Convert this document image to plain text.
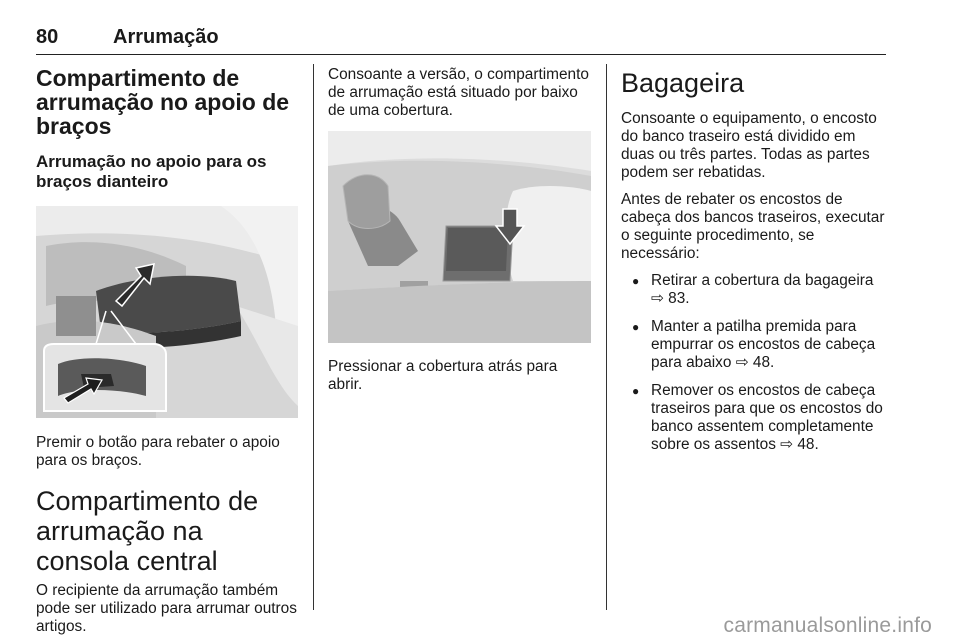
80	Arrumação
Compartimento de arrumação no apoio de braços
Arrumação no apoio para os braços dianteiro

Premir o botão para rebater o apoio para os braços.

Compartimento de arrumação na consola central

O recipiente da arrumação também pode ser utilizado para arrumar outros artigos.

Consoante a versão, o compartimento de arrumação está situado por baixo de uma cobertura.

Pressionar a cobertura atrás para abrir.

Bagageira

Consoante o equipamento, o encosto do banco traseiro está dividido em duas ou três partes. Todas as partes podem ser rebatidas.

Antes de rebater os encostos de cabeça dos bancos traseiros, executar o seguinte procedimento, se necessário:

● Retirar a cobertura da bagageira ⇨ 83.
● Manter a patilha premida para empurrar os encostos de cabeça para abaixo ⇨ 48.
● Remover os encostos de cabeça traseiros para que os encostos do banco assentem completamente sobre os assentos ⇨ 48.
carmanualsonline.info
